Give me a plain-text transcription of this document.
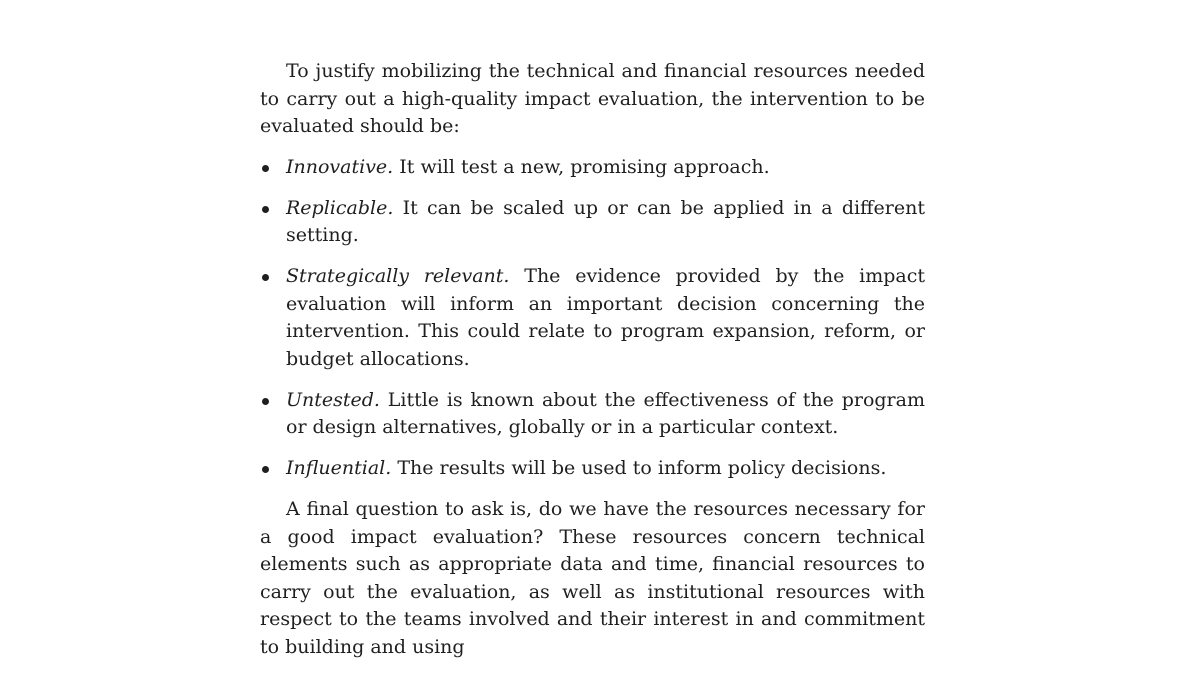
To justify mobilizing the technical and financial resources needed to carry out a high-quality impact evaluation, the intervention to be evaluated should be:

Innovative. It will test a new, promising approach.
Replicable. It can be scaled up or can be applied in a different setting.
Strategically relevant. The evidence provided by the impact evaluation will inform an important decision concerning the intervention. This could relate to program expansion, reform, or budget allocations.
Untested. Little is known about the effectiveness of the program or design alternatives, globally or in a particular context.
Influential. The results will be used to inform policy decisions.

A final question to ask is, do we have the resources necessary for a good impact evaluation? These resources concern technical elements such as appropriate data and time, financial resources to carry out the evaluation, as well as institutional resources with respect to the teams involved and their interest in and commitment to building and using
